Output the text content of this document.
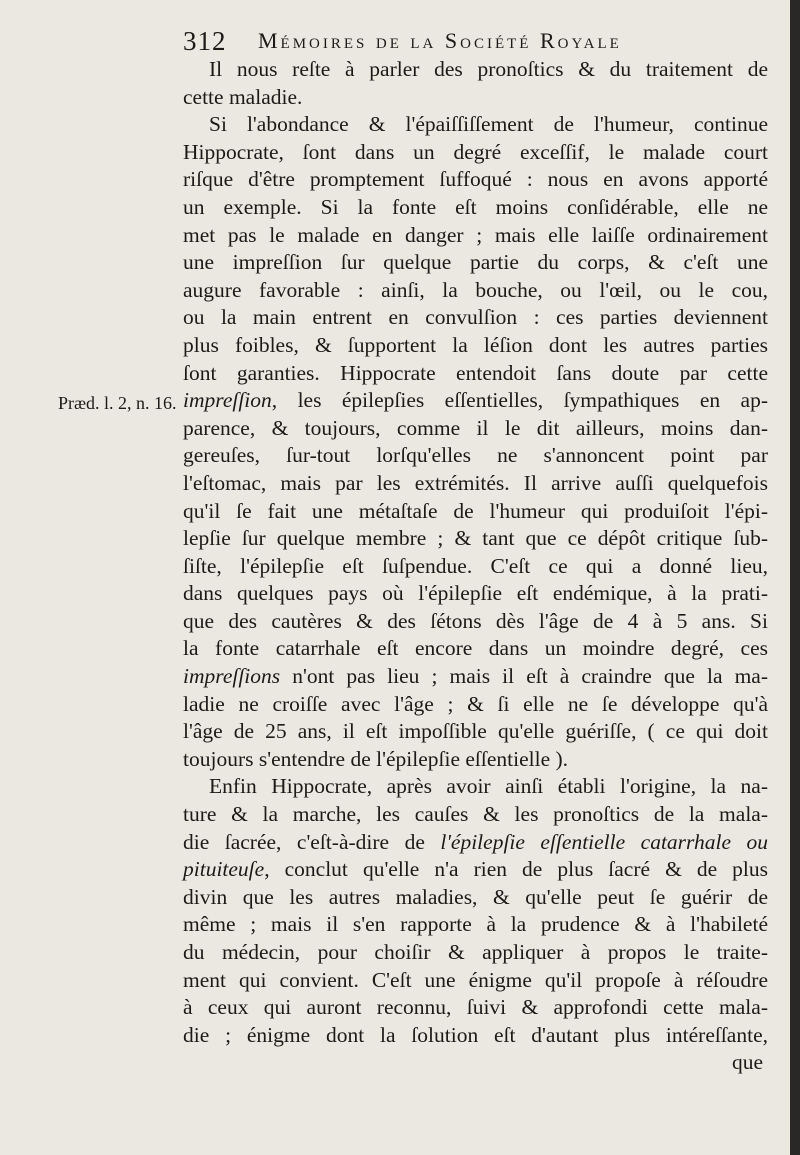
312 Mémoires de la Société Royale
Præd. l. 2, n. 16.
Il nous reſte à parler des pronoſtics & du traitement de
cette maladie.
Si l'abondance & l'épaiſſiſſement de l'humeur, continue
Hippocrate, ſont dans un degré exceſſif, le malade court
riſque d'être promptement ſuffoqué : nous en avons apporté
un exemple. Si la fonte eſt moins conſidérable, elle ne
met pas le malade en danger ; mais elle laiſſe ordinairement
une impreſſion ſur quelque partie du corps, & c'eſt une
augure favorable : ainſi, la bouche, ou l'œil, ou le cou,
ou la main entrent en convulſion : ces parties deviennent
plus foibles, & ſupportent la léſion dont les autres parties
ſont garanties. Hippocrate entendoit ſans doute par cette
impreſſion, les épilepſies eſſentielles, ſympathiques en ap-
parence, & toujours, comme il le dit ailleurs, moins dan-
gereuſes, ſur-tout lorſqu'elles ne s'annoncent point par
l'eſtomac, mais par les extrémités. Il arrive auſſi quelquefois
qu'il ſe fait une métaſtaſe de l'humeur qui produiſoit l'épi-
lepſie ſur quelque membre ; & tant que ce dépôt critique ſub-
ſiſte, l'épilepſie eſt ſuſpendue. C'eſt ce qui a donné lieu,
dans quelques pays où l'épilepſie eſt endémique, à la prati-
que des cautères & des ſétons dès l'âge de 4 à 5 ans. Si
la fonte catarrhale eſt encore dans un moindre degré, ces
impreſſions n'ont pas lieu ; mais il eſt à craindre que la ma-
ladie ne croiſſe avec l'âge ; & ſi elle ne ſe développe qu'à
l'âge de 25 ans, il eſt impoſſible qu'elle guériſſe, ( ce qui doit
toujours s'entendre de l'épilepſie eſſentielle ).
Enfin Hippocrate, après avoir ainſi établi l'origine, la na-
ture & la marche, les cauſes & les pronoſtics de la mala-
die ſacrée, c'eſt-à-dire de l'épilepſie eſſentielle catarrhale ou
pituiteuſe, conclut qu'elle n'a rien de plus ſacré & de plus
divin que les autres maladies, & qu'elle peut ſe guérir de
même ; mais il s'en rapporte à la prudence & à l'habileté
du médecin, pour choiſir & appliquer à propos le traite-
ment qui convient. C'eſt une énigme qu'il propoſe à réſoudre
à ceux qui auront reconnu, ſuivi & approfondi cette mala-
die ; énigme dont la ſolution eſt d'autant plus intéreſſante,
que
